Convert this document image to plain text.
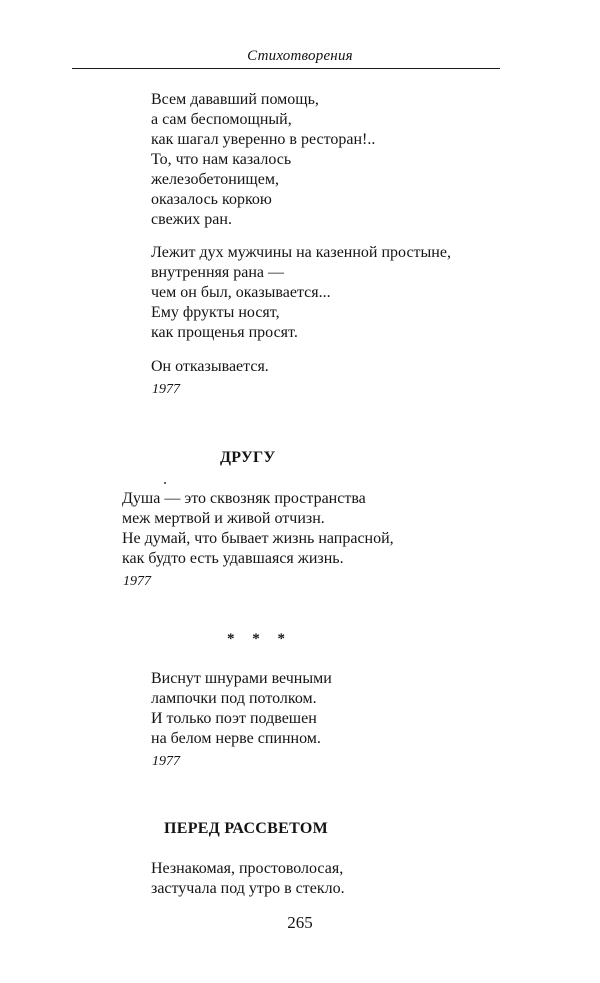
Стихотворения
Всем дававший помощь,
а сам беспомощный,
как шагал уверенно в ресторан!..
То, что нам казалось
железобетонищем,
оказалось коркою
свежих ран.
Лежит дух мужчины на казенной простыне,
внутренняя рана —
чем он был, оказывается...
Ему фрукты носят,
как прощенья просят.
Он отказывается.
1977
ДРУГУ
Душа — это сквозняк пространства
меж мертвой и живой отчизн.
Не думай, что бывает жизнь напрасной,
как будто есть удавшаяся жизнь.
1977
* * *
Виснут шнурами вечными
лампочки под потолком.
И только поэт подвешен
на белом нерве спинном.
1977
ПЕРЕД РАССВЕТОМ
Незнакомая, простоволосая,
застучала под утро в стекло.
265
